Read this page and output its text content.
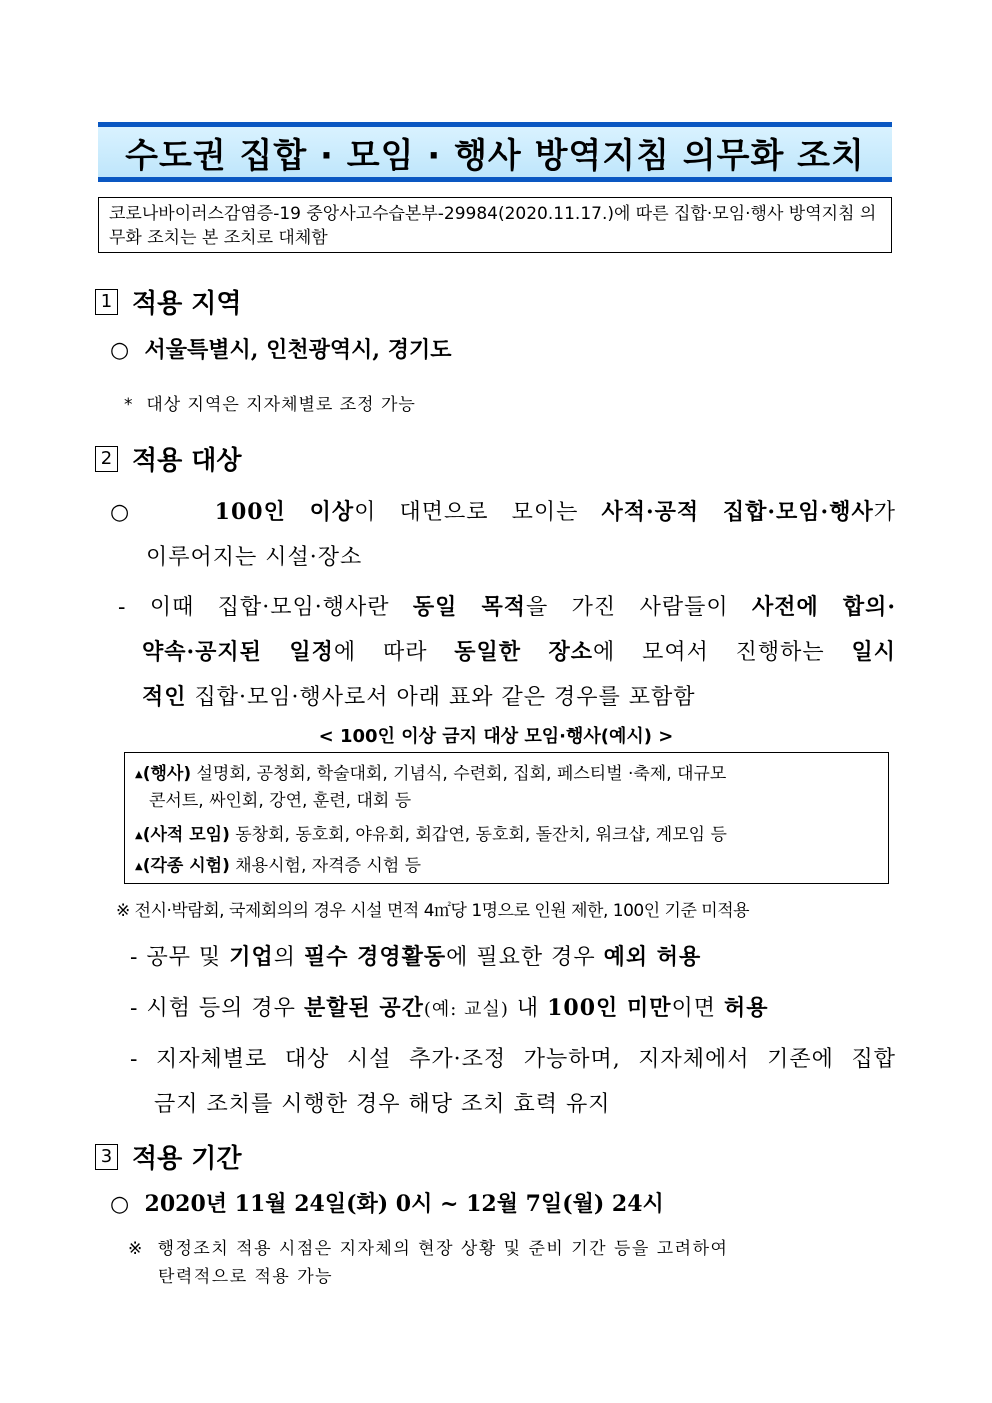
수도권 집합 · 모임 · 행사 방역지침 의무화 조치
코로나바이러스감염증-19 중앙사고수습본부-29984(2020.11.17.)에 따른 집합·모임·행사 방역지침 의무화 조치는 본 조치로 대체함
1 적용 지역
○ 서울특별시, 인천광역시, 경기도
* 대상 지역은 지자체별로 조정 가능
2 적용 대상
○	100인 이상이 대면으로 모이는 사적·공적 집합·모임·행사가
이루어지는 시설·장소
- 이때 집합·모임·행사란 동일 목적을 가진 사람들이 사전에 합의·
약속·공지된 일정에 따라 동일한 장소에 모여서 진행하는 일시
적인 집합·모임·행사로서 아래 표와 같은 경우를 포함함
< 100인 이상 금지 대상 모임·행사(예시) >
▲(행사) 설명회, 공청회, 학술대회, 기념식, 수련회, 집회, 페스티벌 ·축제, 대규모
콘서트, 싸인회, 강연, 훈련, 대회 등
▲(사적 모임) 동창회, 동호회, 야유회, 회갑연, 동호회, 돌잔치, 워크샵, 계모임 등
▲(각종 시험) 채용시험, 자격증 시험 등
※ 전시·박람회, 국제회의의 경우 시설 면적 4㎡당 1명으로 인원 제한, 100인 기준 미적용
- 공무 및 기업의 필수 경영활동에 필요한 경우 예외 허용
- 시험 등의 경우 분할된 공간(예: 교실) 내 100인 미만이면 허용
- 지자체별로 대상 시설 추가·조정 가능하며, 지자체에서 기존에 집합
금지 조치를 시행한 경우 해당 조치 효력 유지
3 적용 기간
○ 2020년 11월 24일(화) 0시 ~ 12월 7일(월) 24시
※ 행정조치 적용 시점은 지자체의 현장 상황 및 준비 기간 등을 고려하여
탄력적으로 적용 가능
